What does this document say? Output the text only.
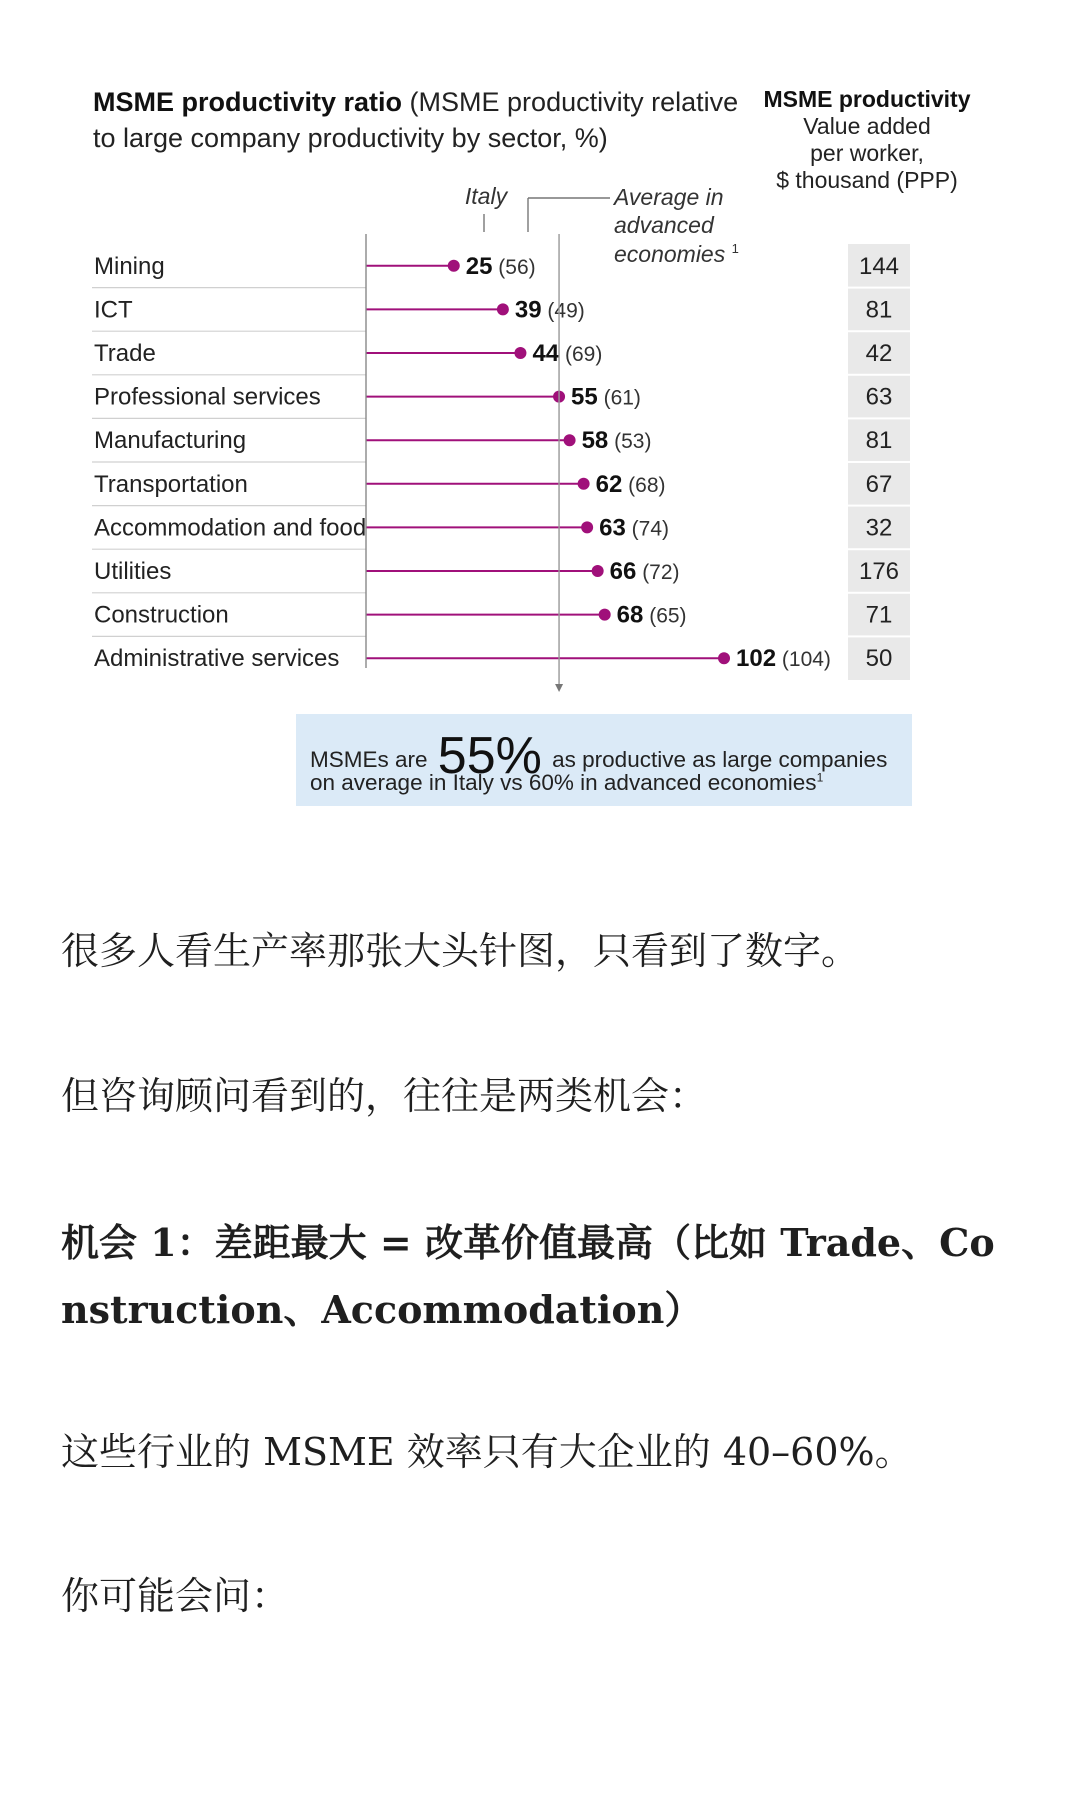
MSME productivity ratio (MSME productivity relative to large company productivity by sector, %)
MSME productivity
Value added
per worker,
$ thousand (PPP)
Italy	Average in advanced economies $^1$
Mining	25 (56)	144
ICT	39 (49)	81
Trade	44 (69)	42
Professional services	55 (61)	63
Manufacturing	58 (53)	81
Transportation	62 (68)	67
Accommodation and food	63 (74)	32
Utilities	66 (72)	176
Construction	68 (65)	71
Administrative services	102 (104) 50
MSMEs are 55% as productive as large companies
on average in Italy vs 60% in advanced economies$^1$

很多人看生产率那张大头针图，只看到了数字。

但咨询顾问看到的，往往是两类机会：

机会 1：差距最大 = 改革价值最高（比如 Trade、Co
nstruction、Accommodation）

这些行业的 MSME 效率只有大企业的 40–60%。

你可能会问：
